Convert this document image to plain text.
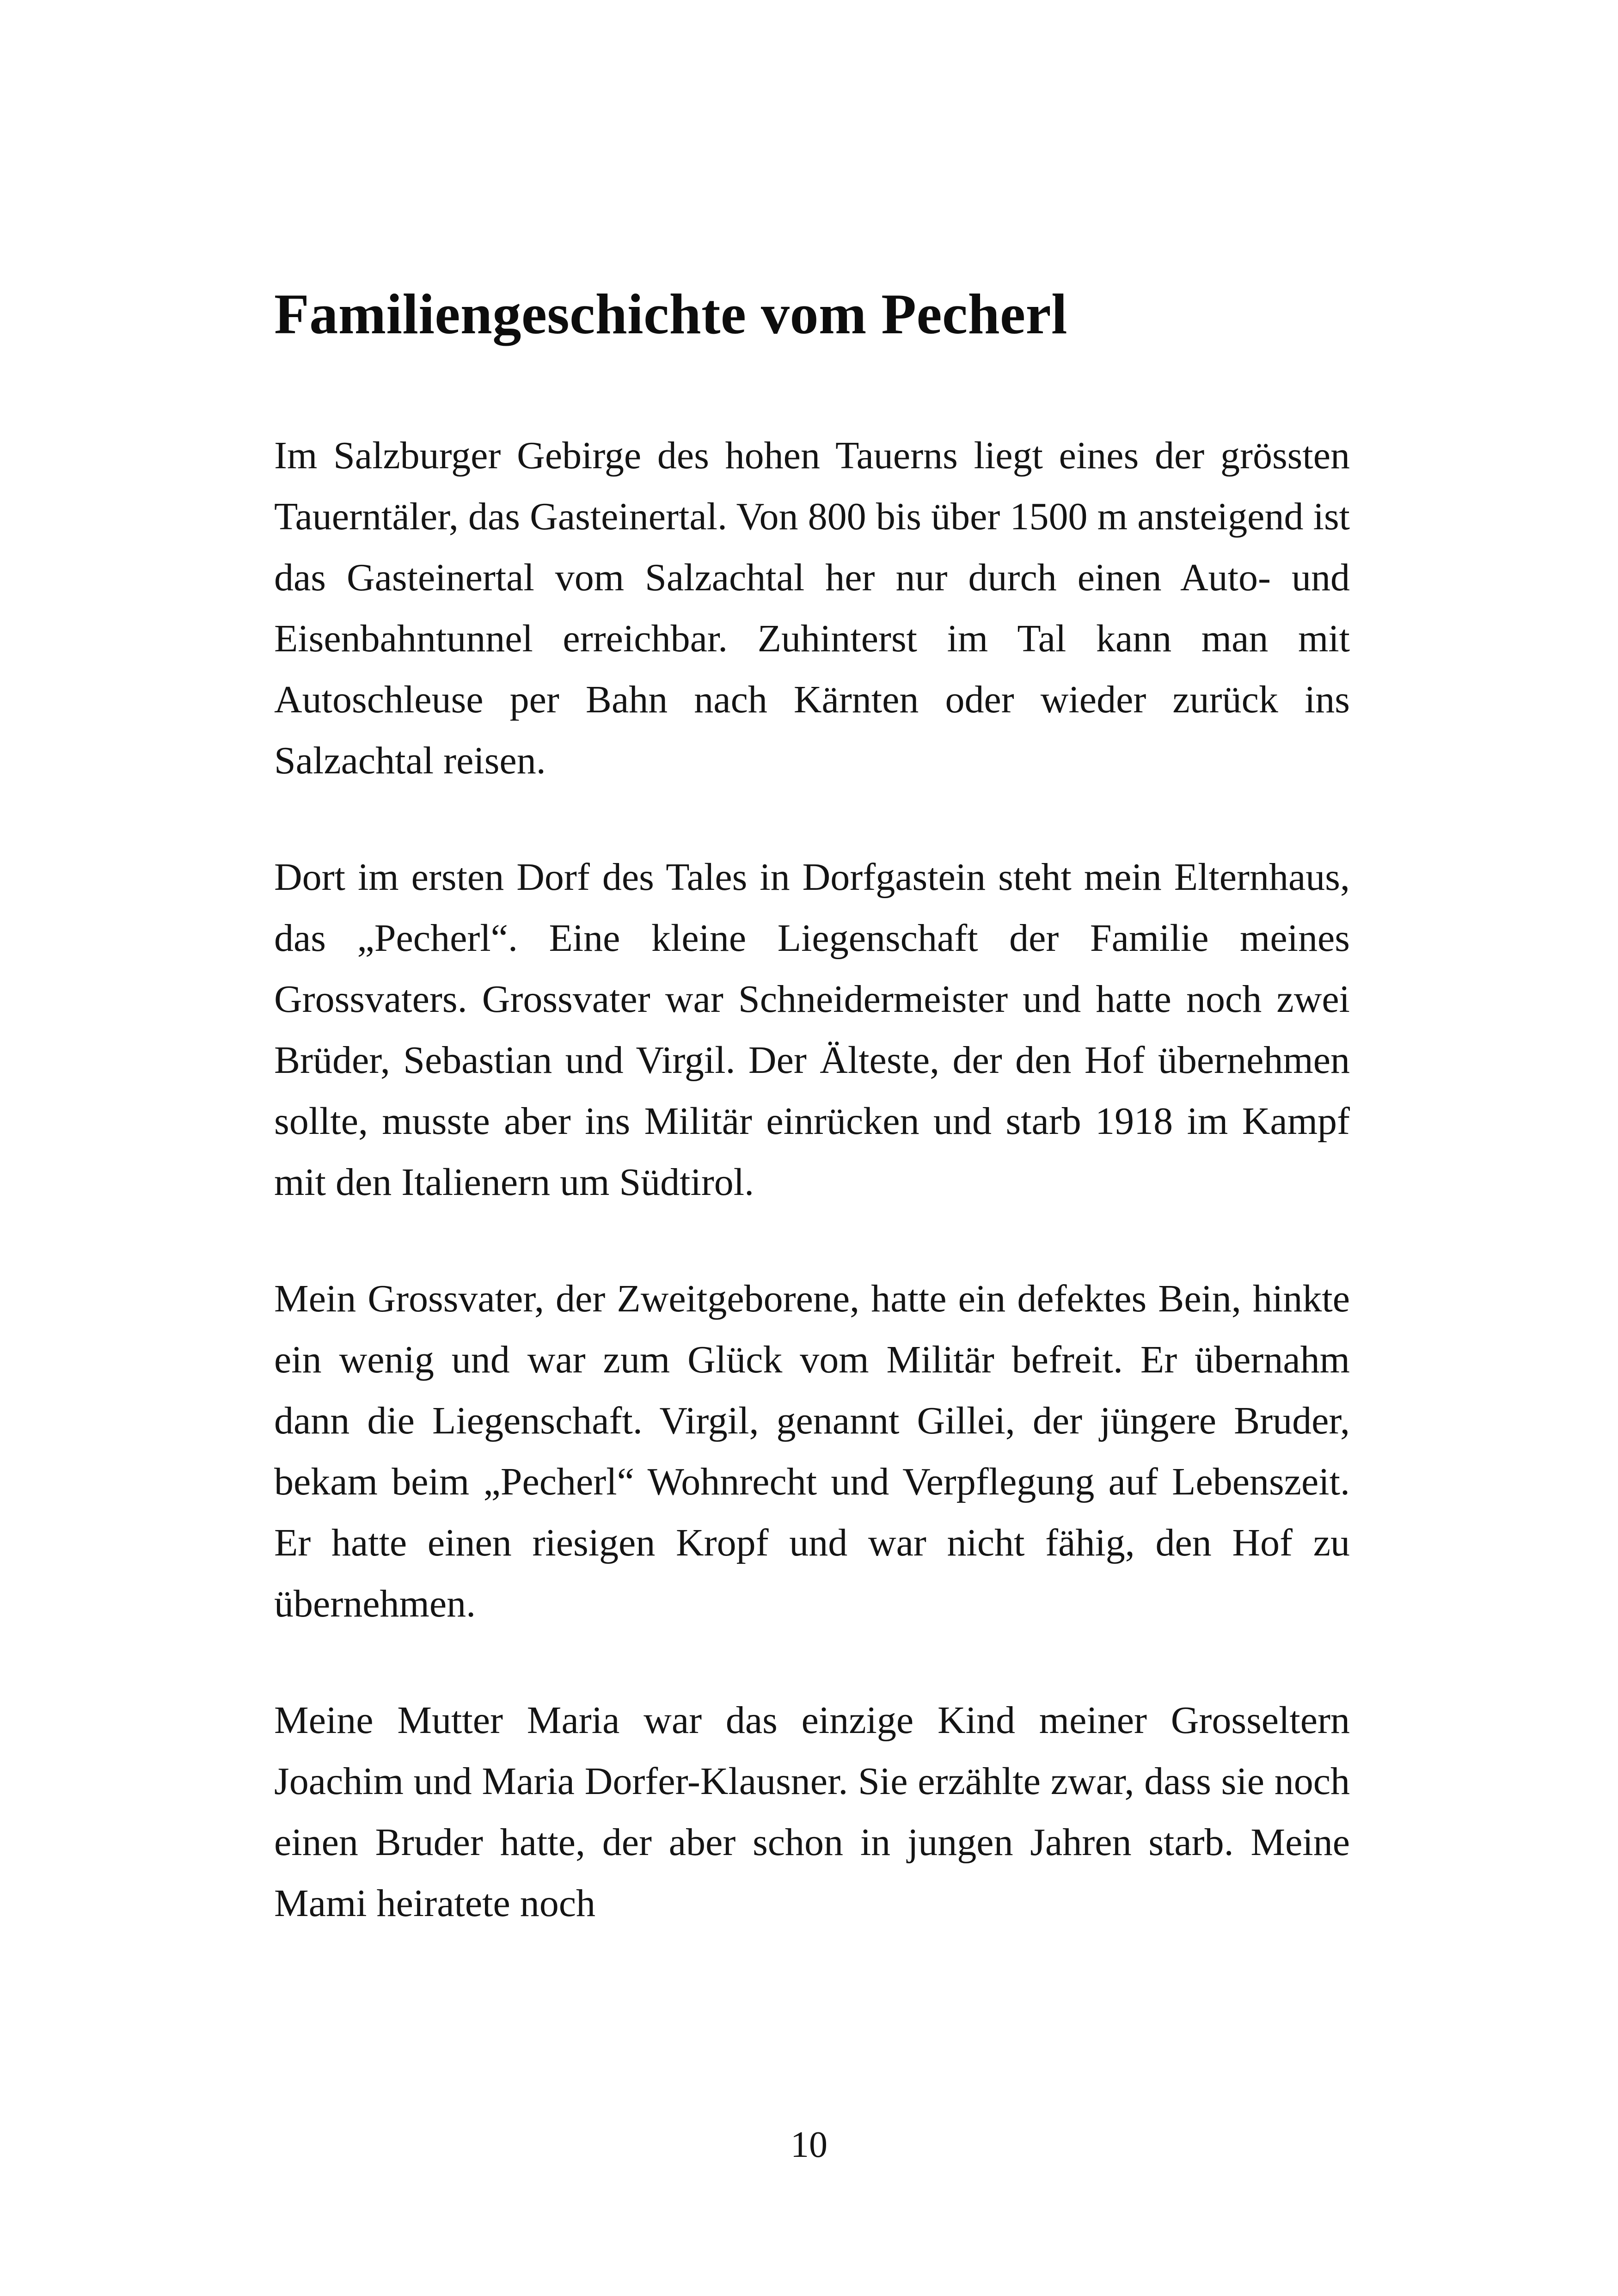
Familiengeschichte vom Pecherl

Im Salzburger Gebirge des hohen Tauerns liegt eines der grössten Tauerntäler, das Gasteinertal. Von 800 bis über 1500 m ansteigend ist das Gasteinertal vom Salzachtal her nur durch einen Auto- und Eisenbahntunnel erreichbar. Zuhinterst im Tal kann man mit Autoschleuse per Bahn nach Kärnten oder wieder zurück ins Salzachtal reisen.

Dort im ersten Dorf des Tales in Dorfgastein steht mein Elternhaus, das „Pecherl“. Eine kleine Liegenschaft der Familie meines Grossvaters. Grossvater war Schneidermeister und hatte noch zwei Brüder, Sebastian und Virgil. Der Älteste, der den Hof übernehmen sollte, musste aber ins Militär einrücken und starb 1918 im Kampf mit den Italienern um Südtirol.

Mein Grossvater, der Zweitgeborene, hatte ein defektes Bein, hinkte ein wenig und war zum Glück vom Militär befreit. Er übernahm dann die Liegenschaft. Virgil, genannt Gillei, der jüngere Bruder, bekam beim „Pecherl“ Wohnrecht und Verpflegung auf Lebenszeit. Er hatte einen riesigen Kropf und war nicht fähig, den Hof zu übernehmen.

Meine Mutter Maria war das einzige Kind meiner Grosseltern Joachim und Maria Dorfer-Klausner. Sie erzählte zwar, dass sie noch einen Bruder hatte, der aber schon in jungen Jahren starb. Meine Mami heiratete noch

10
